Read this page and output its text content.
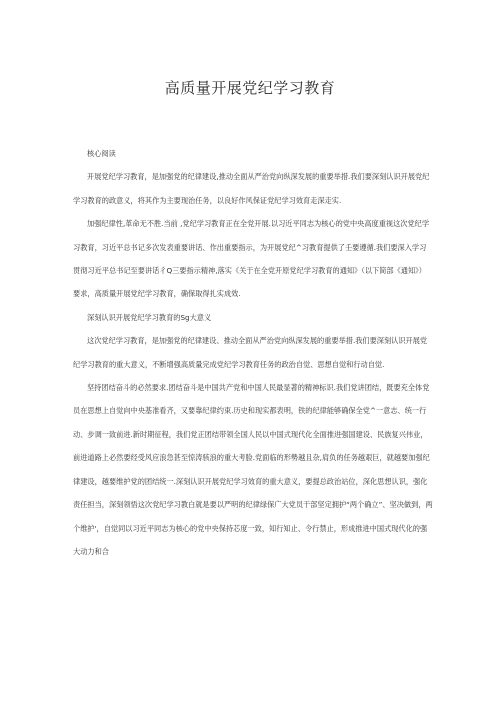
高质量开展党纪学习教育

核心阅读

开展党纪学习教育，是加强党的纪律建设,推动全面从严治党向纵深发展的重要举措.我们要深刻认识开展党纪学习教育的政意义，将其作为主要现治任务，以良好作风保证党纪学习效育走深走实.

加强纪律性,革命无不胜.当前 ,党纪学习教育正在全党开展.以习近平同志为核心的党中央高度重视这次党纪学习教育，习近平总书记多次发表重要讲话、作出重要指示，为开展党纪^习教育提供了壬要遵循.我们要深入学习贯彻习近平总书记至要讲话彳Q三要指示精神,落实《关于在全党开原党纪学习教育的通知》（以下简部《通知》）要求，高质量开展党纪学习教育，确保取得扎实成效.

深刻认识开展党纪学习教育的Sg大意义

这次党纪学习教育，是加强党的纪律建设、推动全面从严治党向纵深发展的重要举措.我们要深刻认识开展党纪学习教育的重大意义，不断增强高质量完成党纪学习教育任务的政治自觉、思想自觉和行动自觉.

坚持团结奋斗的必然要求.团结奋斗是中国共产党和中国人民最显著的精神标识.我们党讲团结，既要充全体党员在思想上自觉向中央基准看齐，又要靠纪律约束.历史和现实都表明，铁的纪律能够确保全党^一意志、统一行动、步调一致前进.新时期征程，我们党正团结带领全国人民以中国式现代化全面推进强国建设、民族复兴伟业，前进道路上必然要经受风应浪急甚至惊涛骇浪的重大考脸.党面临的形勢越且杂,肩负的任务越艰巨，就越要加强纪律建设，越要维护党的团结统一.深刻认识开展党纪学习效育的重大意义，要提总政治站位，深化思想认识，强化责任担当，深刻领悟这次党纪学习教白就是要以严明的纪律绿保广大党员干部坚定拥护“两个确立”、坚决做到，两个维护'，自觉同以习近平同志为核心的党中央保持芯度一致，知行知止、令行禁止，形成推进中国式现代化的强大动力和合
